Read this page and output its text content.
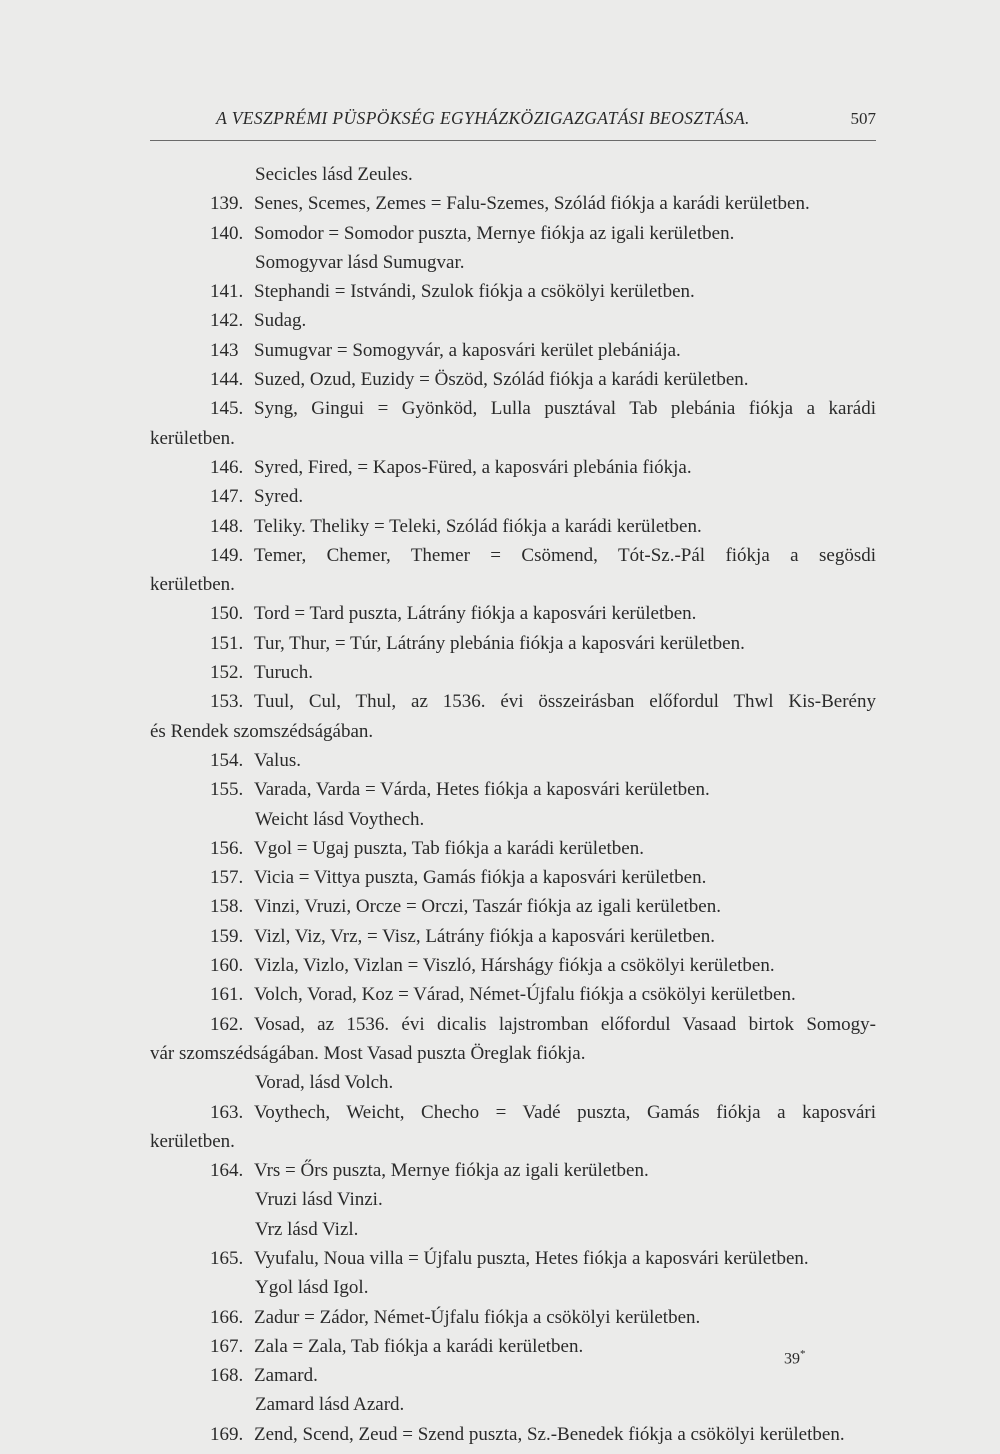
A VESZPRÉMI PÜSPÖKSÉG EGYHÁZKÖZIGAZGATÁSI BEOSZTÁSA.	507
Secicles lásd Zeules.
139. Senes, Scemes, Zemes = Falu-Szemes, Szólád fiókja a karádi kerületben.
140. Somodor = Somodor puszta, Mernye fiókja az igali kerületben.
Somogyvar lásd Sumugvar.
141. Stephandi = Istvándi, Szulok fiókja a csökölyi kerületben.
142. Sudag.
143 Sumugvar = Somogyvár, a kaposvári kerület plebániája.
144. Suzed, Ozud, Euzidy = Öszöd, Szólád fiókja a karádi kerületben.
145. Syng, Gingui = Gyönköd, Lulla pusztával Tab plebánia fiókja a karádi
kerületben.
146. Syred, Fired, = Kapos-Füred, a kaposvári plebánia fiókja.
147. Syred.
148. Teliky. Theliky = Teleki, Szólád fiókja a karádi kerületben.
149. Temer, Chemer, Themer = Csömend, Tót-Sz.-Pál fiókja a segösdi
kerületben.
150. Tord = Tard puszta, Látrány fiókja a kaposvári kerületben.
151. Tur, Thur, = Túr, Látrány plebánia fiókja a kaposvári kerületben.
152. Turuch.
153. Tuul, Cul, Thul, az 1536. évi összeirásban előfordul Thwl Kis-Berény
és Rendek szomszédságában.
154. Valus.
155. Varada, Varda = Várda, Hetes fiókja a kaposvári kerületben.
Weicht lásd Voythech.
156. Vgol = Ugaj puszta, Tab fiókja a karádi kerületben.
157. Vicia = Vittya puszta, Gamás fiókja a kaposvári kerületben.
158. Vinzi, Vruzi, Orcze = Orczi, Taszár fiókja az igali kerületben.
159. Vizl, Viz, Vrz, = Visz, Látrány fiókja a kaposvári kerületben.
160. Vizla, Vizlo, Vizlan = Viszló, Hárshágy fiókja a csökölyi kerületben.
161. Volch, Vorad, Koz = Várad, Német-Újfalu fiókja a csökölyi kerületben.
162. Vosad, az 1536. évi dicalis lajstromban előfordul Vasaad birtok Somogy-
vár szomszédságában. Most Vasad puszta Öreglak fiókja.
Vorad, lásd Volch.
163. Voythech, Weicht, Checho = Vadé puszta, Gamás fiókja a kaposvári
kerületben.
164. Vrs = Őrs puszta, Mernye fiókja az igali kerületben.
Vruzi lásd Vinzi.
Vrz lásd Vizl.
165. Vyufalu, Noua villa = Újfalu puszta, Hetes fiókja a kaposvári kerületben.
Ygol lásd Igol.
166. Zadur = Zádor, Német-Újfalu fiókja a csökölyi kerületben.
167. Zala = Zala, Tab fiókja a karádi kerületben.
168. Zamard.
Zamard lásd Azard.
169. Zend, Scend, Zeud = Szend puszta, Sz.-Benedek fiókja a csökölyi kerületben.
39*
